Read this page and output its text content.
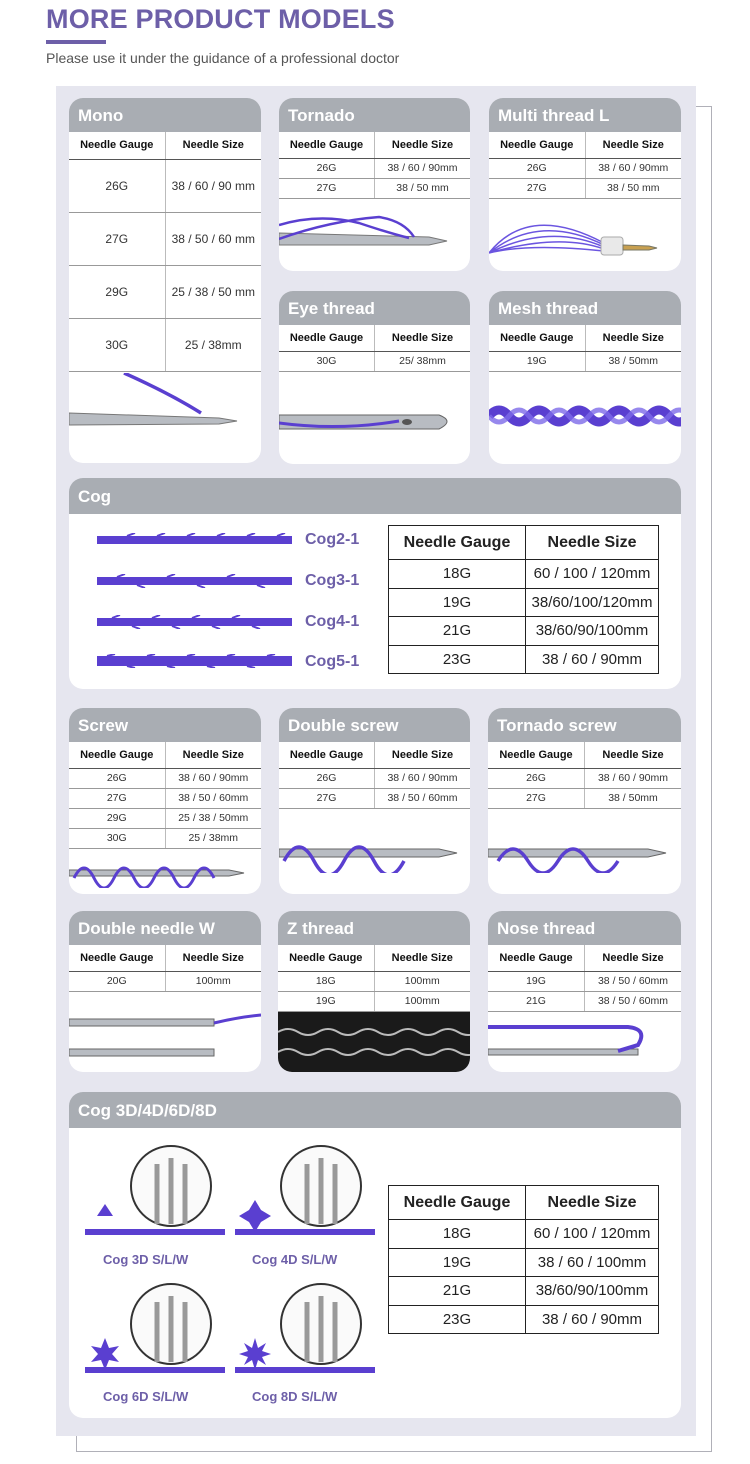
MORE PRODUCT MODELS
Please use it under the guidance of a professional doctor
Mono
Needle Gauge	Needle Size
26G	38 / 60 / 90 mm
27G	38 / 50 / 60 mm
29G	25 / 38 / 50 mm
30G	25 / 38mm
Tornado
Needle Gauge	Needle Size
26G	38 / 60 / 90mm
27G	38 / 50 mm
Multi thread L
Needle Gauge	Needle Size
26G	38 / 60 / 90mm
27G	38 / 50 mm
Eye thread
Needle Gauge	Needle Size
30G	25/ 38mm
Mesh thread
Needle Gauge	Needle Size
19G	38 / 50mm
Cog
Cog2-1
Cog3-1
Cog4-1
Cog5-1
Needle Gauge	Needle Size
18G	60 / 100 / 120mm
19G	38/60/100/120mm
21G	38/60/90/100mm
23G	38 / 60 / 90mm
Screw
Needle Gauge	Needle Size
26G	38 / 60 / 90mm
27G	38 / 50 / 60mm
29G	25 / 38 / 50mm
30G	25 / 38mm
Double screw
Needle Gauge	Needle Size
26G	38 / 60 / 90mm
27G	38 / 50 / 60mm
Tornado screw
Needle Gauge	Needle Size
26G	38 / 60 / 90mm
27G	38 / 50mm
Double needle W
Needle Gauge	Needle Size
20G	100mm
Z thread
Needle Gauge	Needle Size
18G	100mm
19G	100mm
Nose thread
Needle Gauge	Needle Size
19G	38 / 50 / 60mm
21G	38 / 50 / 60mm
Cog 3D/4D/6D/8D
Cog 3D S/L/W	Cog 4D S/L/W
Cog 6D S/L/W	Cog 8D S/L/W
Needle Gauge	Needle Size
18G	60 / 100 / 120mm
19G	38 / 60 / 100mm
21G	38/60/90/100mm
23G	38 / 60 / 90mm
